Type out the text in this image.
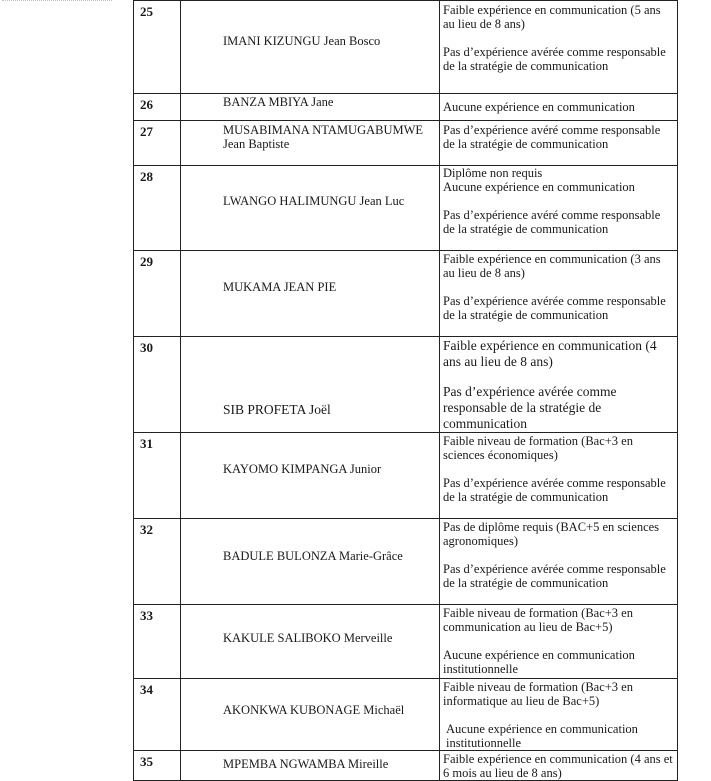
25	IMANI KIZUNGU Jean Bosco	Faible expérience en communication (5 ans au lieu de 8 ans)
Pas d’expérience avérée comme responsable de la stratégie de communication

26	BANZA MBIYA Jane	Aucune expérience en communication

27	MUSABIMANA NTAMUGABUMWE Jean Baptiste	Pas d’expérience avéré comme responsable de la stratégie de communication

28	LWANGO HALIMUNGU Jean Luc	Diplôme non requis
Aucune expérience en communication
Pas d’expérience avéré comme responsable de la stratégie de communication

29	MUKAMA JEAN PIE	Faible expérience en communication (3 ans au lieu de 8 ans)
Pas d’expérience avérée comme responsable de la stratégie de communication

30	SIB PROFETA Joël	Faible expérience en communication (4 ans au lieu de 8 ans)
Pas d’expérience avérée comme responsable de la stratégie de communication

31	KAYOMO KIMPANGA Junior	Faible niveau de formation (Bac+3 en sciences économiques)
Pas d’expérience avérée comme responsable de la stratégie de communication

32	BADULE BULONZA Marie-Grâce	Pas de diplôme requis (BAC+5 en sciences agronomiques)
Pas d’expérience avérée comme responsable de la stratégie de communication

33	KAKULE SALIBOKO Merveille	Faible niveau de formation (Bac+3 en communication au lieu de Bac+5)
Aucune expérience en communication institutionnelle

34	AKONKWA KUBONAGE Michaël	Faible niveau de formation (Bac+3 en informatique au lieu de Bac+5)
Aucune expérience en communication institutionnelle

35	MPEMBA NGWAMBA Mireille	Faible expérience en communication (4 ans et 6 mois au lieu de 8 ans)
